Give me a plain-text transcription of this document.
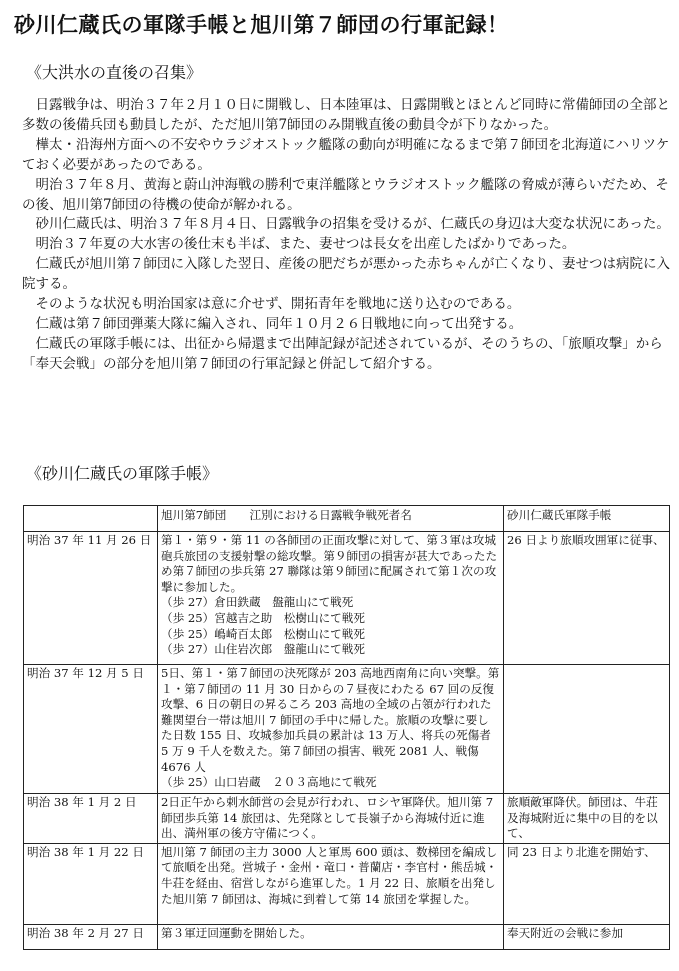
砂川仁蔵氏の軍隊手帳と旭川第７師団の行軍記録！
《大洪水の直後の召集》

日露戦争は、明治３７年２月１０日に開戦し、日本陸軍は、日露開戦とほとんど同時に常備師団の全部と多数の後備兵団も動員したが、ただ旭川第7師団のみ開戦直後の動員令が下りなかった。

樺太・沿海州方面への不安やウラジオストック艦隊の動向が明確になるまで第７師団を北海道にハリツケておく必要があったのである。

明治３７年８月、黄海と蔚山沖海戦の勝利で東洋艦隊とウラジオストック艦隊の脅威が薄らいだため、その後、旭川第7師団の待機の使命が解かれる。

砂川仁蔵氏は、明治３７年８月４日、日露戦争の招集を受けるが、仁蔵氏の身辺は大変な状況にあった。

明治３７年夏の大水害の後仕末も半ば、また、妻せつは長女を出産したばかりであった。

仁蔵氏が旭川第７師団に入隊した翌日、産後の肥だちが悪かった赤ちゃんが亡くなり、妻せつは病院に入院する。

そのような状況も明治国家は意に介せず、開拓青年を戦地に送り込むのである。

仁蔵は第７師団弾薬大隊に編入され、同年１０月２６日戦地に向って出発する。

仁蔵氏の軍隊手帳には、出征から帰還まで出陣記録が記述されているが、そのうちの、「旅順攻撃」から「奉天会戦」の部分を旭川第７師団の行軍記録と併記して紹介する。

《砂川仁蔵氏の軍隊手帳》
	旭川第7師団　　江別における日露戦争戦死者名	砂川仁蔵氏軍隊手帳
明治 37 年 11 月 26 日	第１・第９・第 11 の各師団の正面攻撃に対して、第３軍は攻城砲兵旅団の支援射撃の総攻撃。第９師団の損害が甚大であったため第７師団の歩兵第 27 聯隊は第９師団に配属されて第１次の攻撃に参加した。
（歩 27）倉田鉄蔵　盤龍山にて戦死
（歩 25）宮越吉之助　松樹山にて戦死
（歩 25）嶋崎百太郎　松樹山にて戦死
（歩 27）山住岩次郎　盤龍山にて戦死	26 日より旅順攻囲軍に従事、
明治 37 年 12 月 5 日	5日、第１・第７師団の決死隊が 203 高地西南角に向い突撃。第１・第７師団の 11 月 30 日からの７昼夜にわたる 67 回の反復攻撃、6 日の朝日の昇るころ 203 高地の全域の占領が行われた難関望台一帯は旭川 7 師団の手中に帰した。旅順の攻撃に要した日数 155 日、攻城参加兵員の累計は 13 万人、将兵の死傷者 5 万 9 千人を数えた。第７師団の損害、戦死 2081 人、戦傷 4676 人
（歩 25）山口岩蔵　２０３高地にて戦死	

明治 38 年 1 月 2 日	2日正午から剌水師営の会見が行われ、ロシヤ軍降伏。旭川第 7 師団歩兵第 14 旅団は、先発隊として長嶺子から海城付近に進出、満州軍の後方守備につく。	旅順敵軍降伏。師団は、牛荘及海城附近に集中の目的を以て、
明治 38 年 1 月 22 日	旭川第 7 師団の主力 3000 人と軍馬 600 頭は、数梯団を編成して旅順を出発。営城子・金州・竜口・普蘭店・李官村・熊岳城・牛荘を経由、宿営しながら進軍した。1 月 22 日、旅順を出発した旭川第 7 師団は、海城に到着して第 14 旅団を掌握した。	同 23 日より北進を開始す、
明治 38 年 2 月 27 日	第３軍迂回運動を開始した。	奉天附近の会戦に参加
